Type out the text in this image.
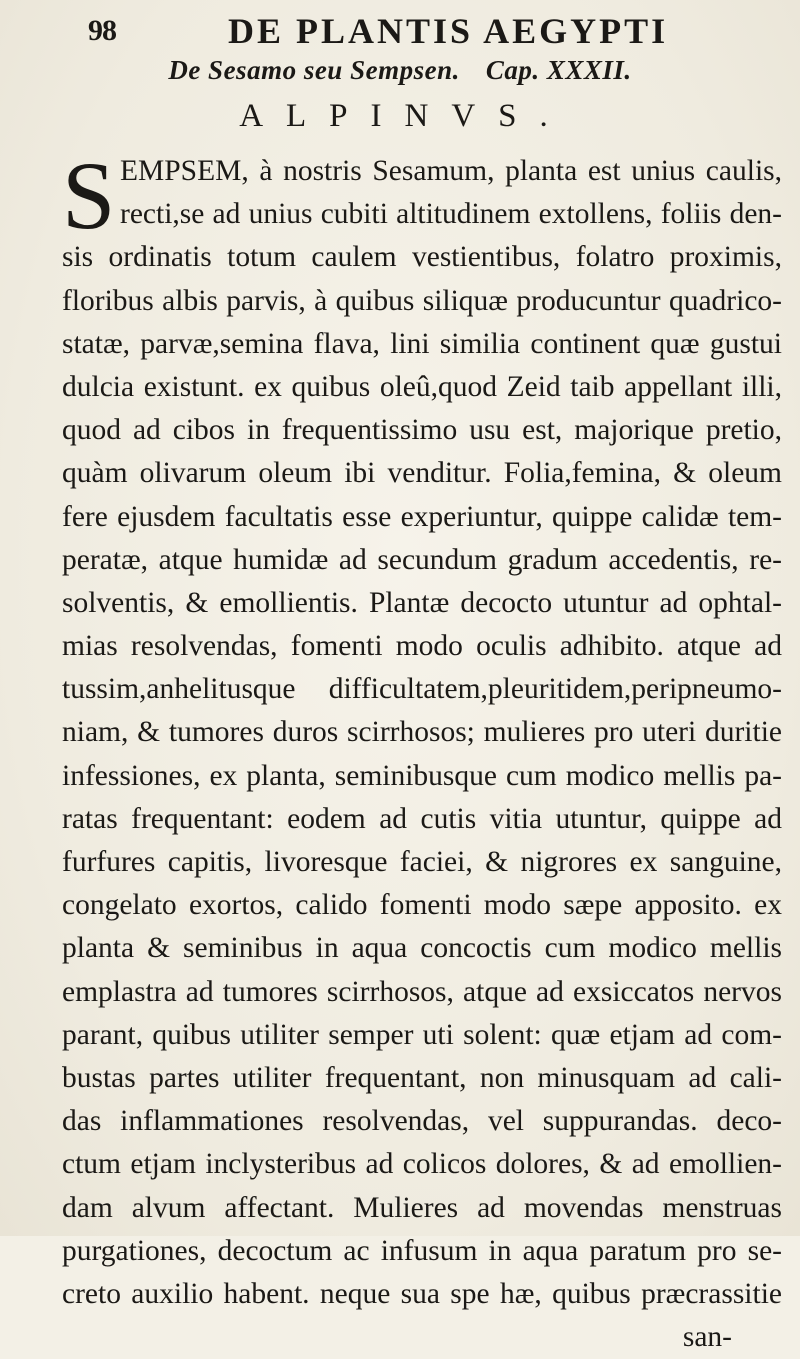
98	DE PLANTIS AEGYPTI
De Sesamo seu Sempsen. Cap. XXXII.
ALPINVS.
S EMPSEM, à nostris Sesamum, planta est unius caulis,
recti,se ad unius cubiti altitudinem extollens, foliis den-
sis ordinatis totum caulem vestientibus, folatro proximis,
floribus albis parvis, à quibus siliquæ producuntur quadrico-
statæ, parvæ,semina flava, lini similia continent quæ gustui
dulcia existunt. ex quibus oleû,quod Zeid taib appellant illi,
quod ad cibos in frequentissimo usu est, majorique pretio,
quàm olivarum oleum ibi venditur. Folia,femina, & oleum
fere ejusdem facultatis esse experiuntur, quippe calidæ tem-
peratæ, atque humidæ ad secundum gradum accedentis, re-
solventis, & emollientis. Plantæ decocto utuntur ad ophtal-
mias resolvendas, fomenti modo oculis adhibito. atque ad
tussim,anhelitusque difficultatem,pleuritidem,peripneumo-
niam, & tumores duros scirrhosos; mulieres pro uteri duritie
infessiones, ex planta, seminibusque cum modico mellis pa-
ratas frequentant: eodem ad cutis vitia utuntur, quippe ad
furfures capitis, livoresque faciei, & nigrores ex sanguine,
congelato exortos, calido fomenti modo sæpe apposito. ex
planta & seminibus in aqua concoctis cum modico mellis
emplastra ad tumores scirrhosos, atque ad exsiccatos nervos
parant, quibus utiliter semper uti solent: quæ etjam ad com-
bustas partes utiliter frequentant, non minusquam ad cali-
das inflammationes resolvendas, vel suppurandas. deco-
ctum etjam inclysteribus ad colicos dolores, & ad emollien-
dam alvum affectant. Mulieres ad movendas menstruas
purgationes, decoctum ac infusum in aqua paratum pro se-
creto auxilio habent. neque sua spe hæ, quibus præcrassitie
san-
